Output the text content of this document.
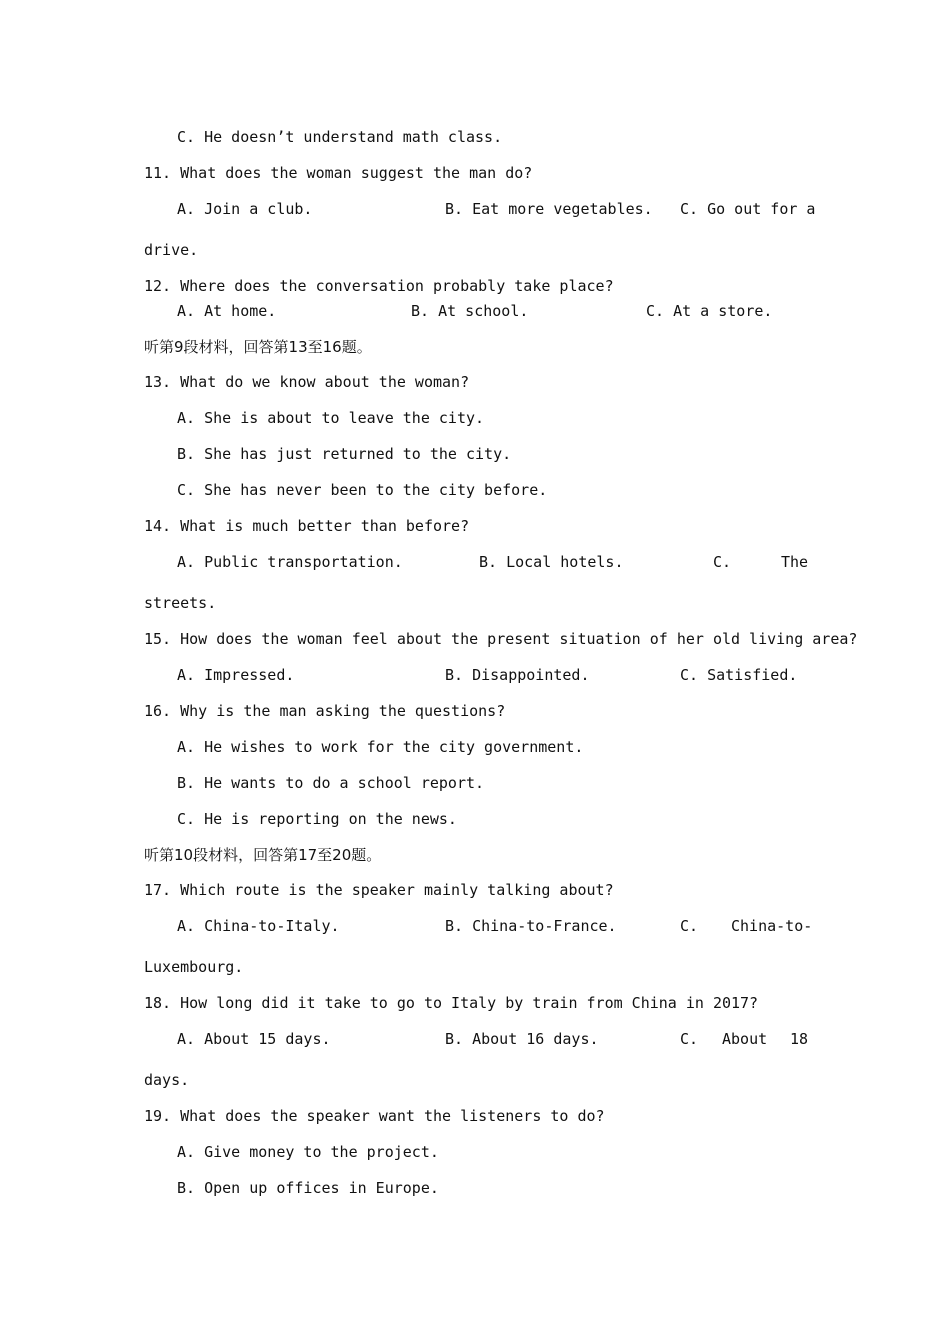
C. He doesn’t understand math class.
11. What does the woman suggest the man do?
A. Join a club.	B. Eat more vegetables. C. Go out for a
drive.
12. Where does the conversation probably take place?
A. At home.	B. At school.	C. At a store.
听第9段材料，回答第13至16题。
13. What do we know about the woman?
A. She is about to leave the city.
B. She has just returned to the city.
C. She has never been to the city before.
14. What is much better than before?
A. Public transportation.	B. Local hotels.	C.	The
streets.
15. How does the woman feel about the present situation of her old living area?
A. Impressed.	B. Disappointed.	C. Satisfied.
16. Why is the man asking the questions?
A. He wishes to work for the city government.
B. He wants to do a school report.
C. He is reporting on the news.
听第10段材料，回答第17至20题。
17. Which route is the speaker mainly talking about?
A. China-to-Italy.	B. China-to-France.	C. China-to-
Luxembourg.
18. How long did it take to go to Italy by train from China in 2017?
A. About 15 days.	B. About 16 days.	C. About 18
days.
19. What does the speaker want the listeners to do?
A. Give money to the project.
B. Open up offices in Europe.
